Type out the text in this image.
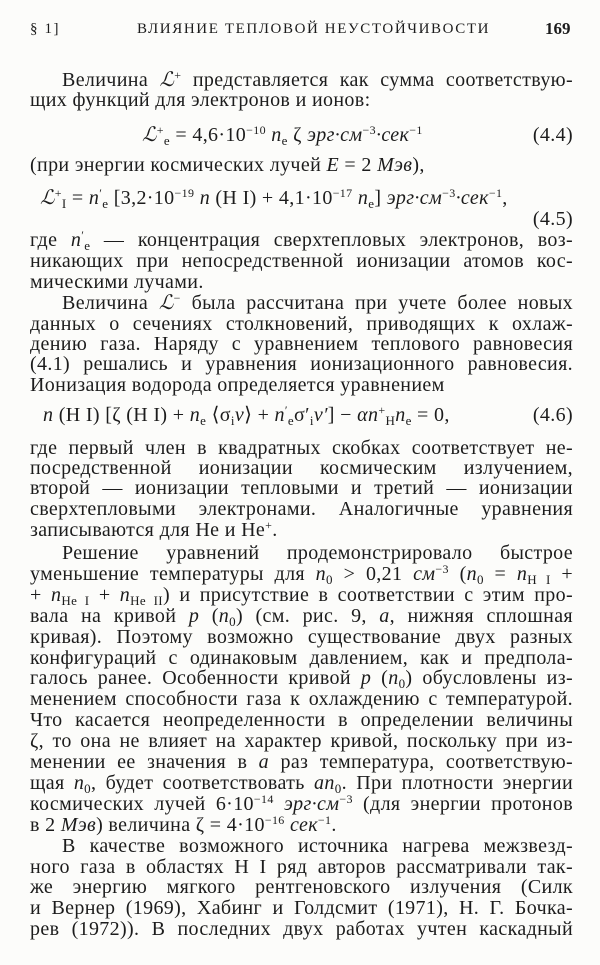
§ 1]	ВЛИЯНИЕ ТЕПЛОВОЙ НЕУСТОЙЧИВОСТИ	169
Величина ℒ+ представляется как сумма соответствую-
щих функций для электронов и ионов:
ℒ+$_e$ = $4,6\cdot 10^{-10}$ $n_e$ ζ $эрг\cdot см^{-3}\cdot сек^{-1}$	(4.4)
(при энергии космических лучей E = 2 Мэв),
ℒ+$_I$ = $n'_e$ [$3,2\cdot 10^{-19}$ n (H $I) + 4,1\cdot 10^{-17}$ $n_e$] $эрг\cdot см^{-3}\cdot сек^{-1}$,
(4.5)
где $n'_e$ — концентрация сверхтепловых электронов, воз-
никающих при непосредственной ионизации атомов кос-
мическими лучами.
Величина ℒ− была рассчитана при учете более новых
данных о сечениях столкновений, приводящих к охлаж-
дению газа. Наряду с уравнением теплового равновесия
(4.1) решались и уравнения ионизационного равновесия.
Ионизация водорода определяется уравнением
n (H I) [ζ (H $I) + n_e$ $⟨\sigma_iv⟩ + n'_e\sigma'_iv'] - \alpha n^+_Hn_e = 0$,	(4.6)
где первый член в квадратных скобках соответствует не-
посредственной ионизации космическим излучением,
второй — ионизации тепловыми и третий — ионизации
сверхтепловыми электронами. Аналогичные уравнения
записываются для He и He+.
Решение уравнений продемонстрировало быстрое
уменьшение температуры для $n_0 > 0,21$ $см^{-3}$ ($n_0 = n_{H I}$ +
+ $n_{He I} + n_{He II}$) и присутствие в соответствии с этим про-
вала на кривой p $(n_0)$ (см. рис. 9, a, нижняя сплошная
кривая). Поэтому возможно существование двух разных
конфигураций с одинаковым давлением, как и предпола-
галось ранее. Особенности кривой p $(n_0)$ обусловлены из-
менением способности газа к охлаждению с температурой.
Что касается неопределенности в определении величины
ζ, то она не влияет на характер кривой, поскольку при из-
менении ее значения в a раз температура, соответствую-
щая $n_0$, будет соответствовать $an_0$. При плотности энергии
космических лучей $6\cdot 10^{-14}$ $эрг\cdot см^{-3}$ (для энергии протонов
в 2 Мэв) величина $\zeta = 4\cdot 10^{-16}$ сек$^{-1}$.
В качестве возможного источника нагрева межзвезд-
ного газа в областях H I ряд авторов рассматривали так-
же энергию мягкого рентгеновского излучения (Силк
и Вернер (1969), Хабинг и Голдсмит (1971), Н. Г. Бочка-
рев (1972)). В последних двух работах учтен каскадный
